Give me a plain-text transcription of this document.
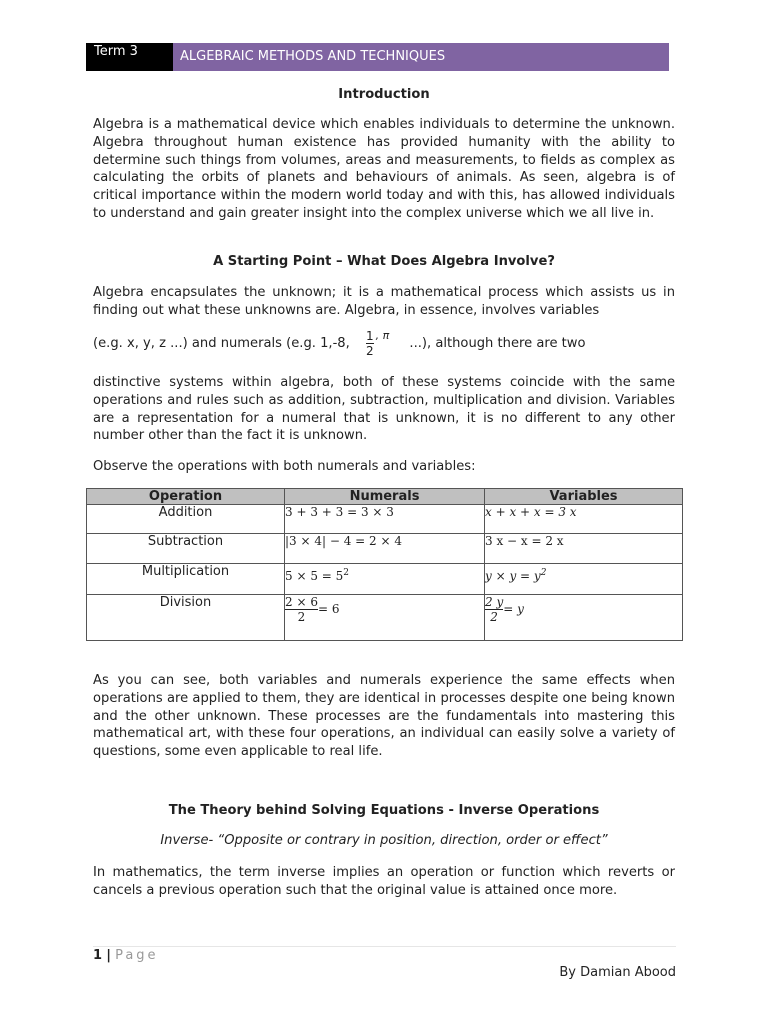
Term 3	ALGEBRAIC METHODS AND TECHNIQUES

Introduction

Algebra is a mathematical device which enables individuals to determine the unknown. Algebra throughout human existence has provided humanity with the ability to determine such things from volumes, areas and measurements, to fields as complex as calculating the orbits of planets and behaviours of animals. As seen, algebra is of critical importance within the modern world today and with this, has allowed individuals to understand and gain greater insight into the complex universe which we all live in.

A Starting Point – What Does Algebra Involve?

Algebra encapsulates the unknown; it is a mathematical process which assists us in finding out what these unknowns are. Algebra, in essence, involves variables

(e.g. x, y, z ...) and numerals (e.g. 1,-8, $\frac{1}{2} ^{, \pi}$ ...), although there are two

distinctive systems within algebra, both of these systems coincide with the same operations and rules such as addition, subtraction, multiplication and division. Variables are a representation for a numeral that is unknown, it is no different to any other number other than the fact it is unknown.

Observe the operations with both numerals and variables:

Operation	Numerals	Variables
Addition	3 + 3 + 3 = 3 × 3	x + x + x = 3 x
Subtraction	|3 × 4| − 4 = 2 × 4	3 x − x = 2 x
Multiplication	$5 \times 5 = 5^2$	$y \times y = y^2$
Division	$\frac{2 \times 6}{2} = 6$	$\frac{2 y}{2} = y$

As you can see, both variables and numerals experience the same effects when operations are applied to them, they are identical in processes despite one being known and the other unknown. These processes are the fundamentals into mastering this mathematical art, with these four operations, an individual can easily solve a variety of questions, some even applicable to real life.

The Theory behind Solving Equations - Inverse Operations

Inverse- “Opposite or contrary in position, direction, order or effect”

In mathematics, the term inverse implies an operation or function which reverts or cancels a previous operation such that the original value is attained once more.

1 | Page
By Damian Abood
